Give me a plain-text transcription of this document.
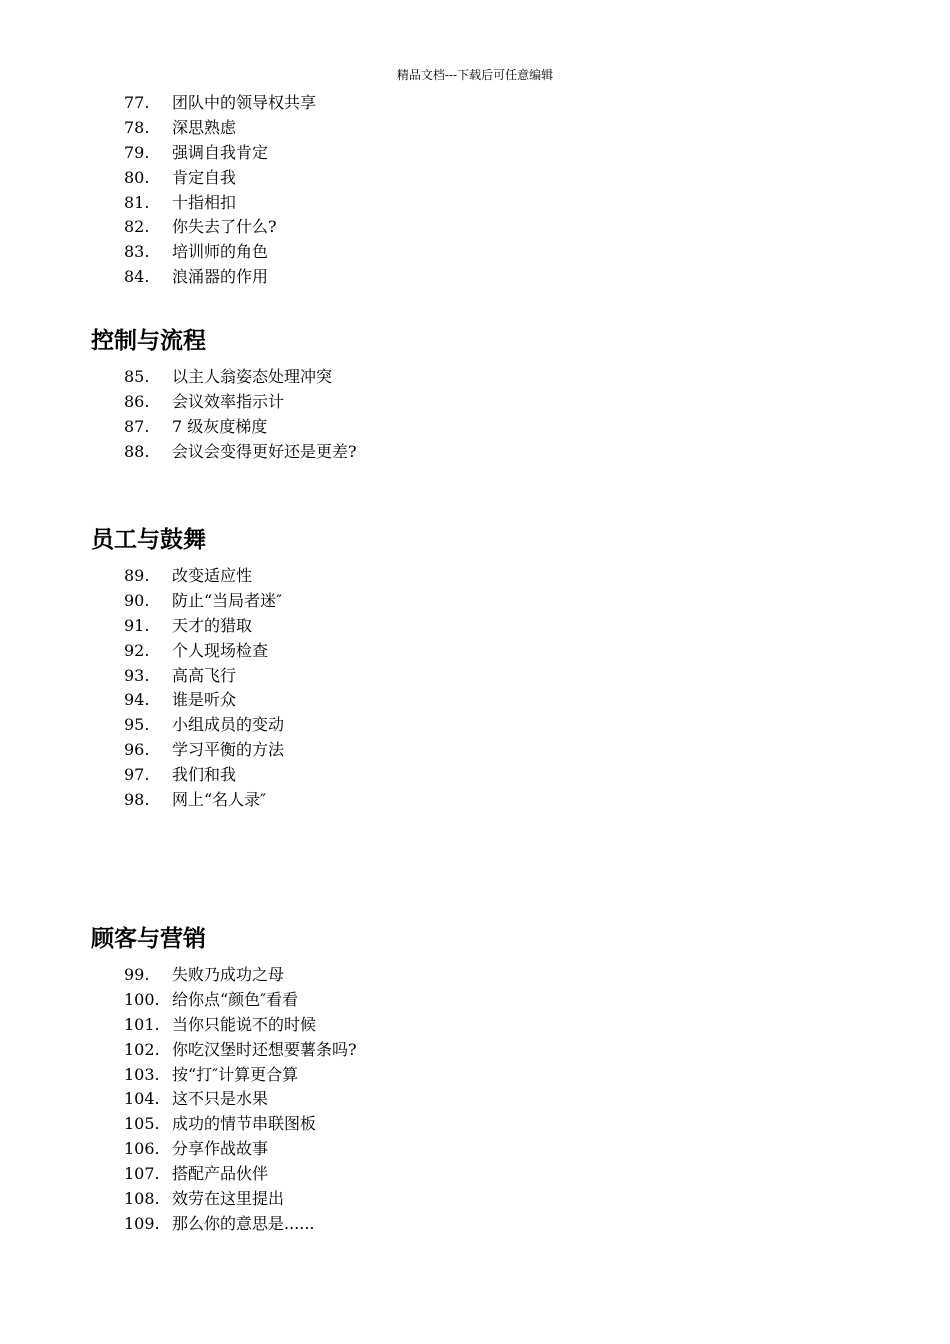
精品文档---下载后可任意编辑
77. 团队中的领导权共享
78. 深思熟虑
79. 强调自我肯定
80. 肯定自我
81. 十指相扣
82. 你失去了什么?
83. 培训师的角色
84. 浪涌器的作用
控制与流程
85. 以主人翁姿态处理冲突
86. 会议效率指示计
87. 7 级灰度梯度
88. 会议会变得更好还是更差?
员工与鼓舞
89. 改变适应性
90. 防止“当局者迷″
91. 天才的猎取
92. 个人现场检查
93. 高高飞行
94. 谁是听众
95. 小组成员的变动
96. 学习平衡的方法
97. 我们和我
98. 网上“名人录″
顾客与营销
99. 失败乃成功之母
100. 给你点“颜色″看看
101. 当你只能说不的时候
102. 你吃汉堡时还想要薯条吗?
103. 按“打″计算更合算
104. 这不只是水果
105. 成功的情节串联图板
106. 分享作战故事
107. 搭配产品伙伴
108. 效劳在这里提出
109. 那么你的意思是......
